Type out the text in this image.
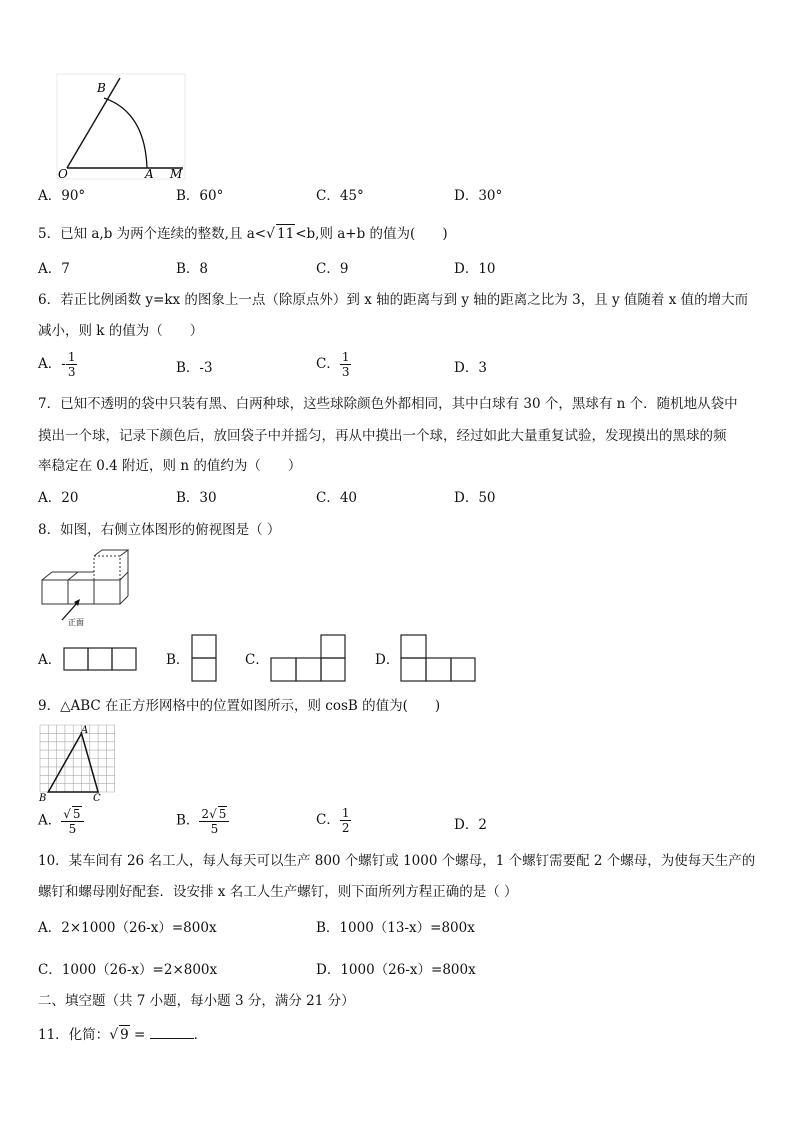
B
O	A M
A．90°	B．60°	C．45°	D．30°
5．已知 a,b 为两个连续的整数,且 a<√ 11<b,则 a+b 的值为(　　)
A．7	B．8	C．9	D．10
6．若正比例函数 y=kx 的图象上一点（除原点外）到 x 轴的距离与到 y 轴的距离之比为 3，且 y 值随着 x 值的增大而
减小，则 k 的值为（　　）
A．- $\frac{1}{3}$	B．-3	C． $\frac{1}{3}$	D．3
7．已知不透明的袋中只装有黑、白两种球，这些球除颜色外都相同，其中白球有 30 个，黑球有 n 个．随机地从袋中
摸出一个球，记录下颜色后，放回袋子中并摇匀，再从中摸出一个球，经过如此大量重复试验，发现摸出的黑球的频
率稳定在 0.4 附近，则 n 的值约为（　　）
A．20	B．30	C．40	D．50
8．如图，右侧立体图形的俯视图是（ ）
正面
A．	B．	C．	D．
9．△ABC 在正方形网格中的位置如图所示，则 cosB 的值为(　　)
A
B	C
A． $\frac{√ 5}{5}$	B． $\frac{2√ 5}{5}$	C． $\frac{1}{2}$	D．2
10．某车间有 26 名工人，每人每天可以生产 800 个螺钉或 1000 个螺母，1 个螺钉需要配 2 个螺母，为使每天生产的
螺钉和螺母刚好配套．设安排 x 名工人生产螺钉，则下面所列方程正确的是（ ）
A．2×1000（26-x）=800x	B．1000（13-x）=800x
C．1000（26-x）=2×800x	D．1000（26-x）=800x
二、填空题（共 7 小题，每小题 3 分，满分 21 分）
11．化简：√ 9 =	．
